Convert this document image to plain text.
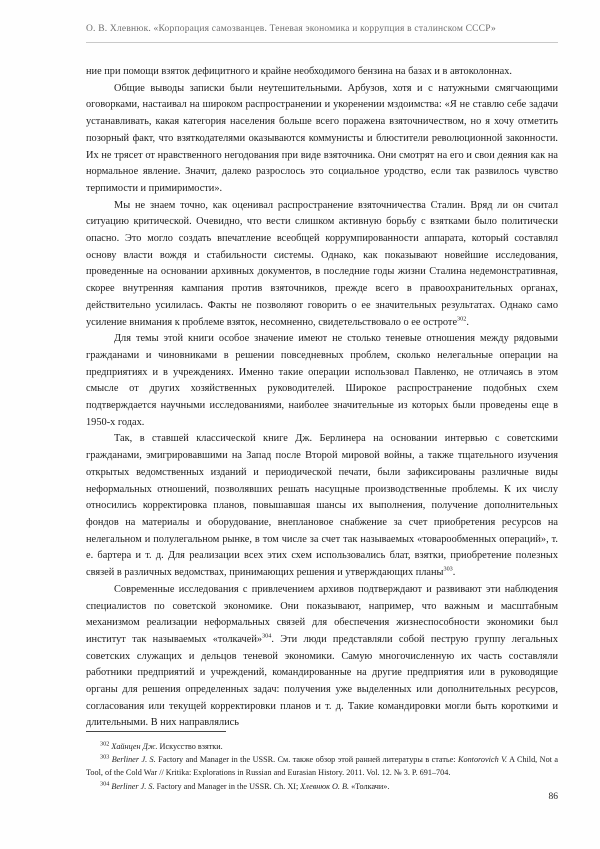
О. В. Хлевнюк. «Корпорация самозванцев. Теневая экономика и коррупция в сталинском СССР»

ние при помощи взяток дефицитного и крайне необходимого бензина на базах и в автоколоннах.

Общие выводы записки были неутешительными. Арбузов, хотя и с натужными смягчающими оговорками, настаивал на широком распространении и укоренении мздоимства: «Я не ставлю себе задачи устанавливать, какая категория населения больше всего поражена взяточничеством, но я хочу отметить позорный факт, что взяткодателями оказываются коммунисты и блюстители революционной законности. Их не трясет от нравственного негодования при виде взяточника. Они смотрят на его и свои деяния как на нормальное явление. Значит, далеко разрослось это социальное уродство, если так развилось чувство терпимости и примиримости».

Мы не знаем точно, как оценивал распространение взяточничества Сталин. Вряд ли он считал ситуацию критической. Очевидно, что вести слишком активную борьбу с взятками было политически опасно. Это могло создать впечатление всеобщей коррумпированности аппарата, который составлял основу власти вождя и стабильности системы. Однако, как показывают новейшие исследования, проведенные на основании архивных документов, в последние годы жизни Сталина недемонстративная, скорее внутренняя кампания против взяточников, прежде всего в правоохранительных органах, действительно усилилась. Факты не позволяют говорить о ее значительных результатах. Однако само усиление внимания к проблеме взяток, несомненно, свидетельствовало о ее остроте$^{302}$.

Для темы этой книги особое значение имеют не столько теневые отношения между рядовыми гражданами и чиновниками в решении повседневных проблем, сколько нелегальные операции на предприятиях и в учреждениях. Именно такие операции использовал Павленко, не отличаясь в этом смысле от других хозяйственных руководителей. Широкое распространение подобных схем подтверждается научными исследованиями, наиболее значительные из которых были проведены еще в 1950-х годах.

Так, в ставшей классической книге Дж. Берлинера на основании интервью с советскими гражданами, эмигрировавшими на Запад после Второй мировой войны, а также тщательного изучения открытых ведомственных изданий и периодической печати, были зафиксированы различные виды неформальных отношений, позволявших решать насущные производственные проблемы. К их числу относились корректировка планов, повышавшая шансы их выполнения, получение дополнительных фондов на материалы и оборудование, внеплановое снабжение за счет приобретения ресурсов на нелегальном и полулегальном рынке, в том числе за счет так называемых «товарообменных операций», т. е. бартера и т. д. Для реализации всех этих схем использовались блат, взятки, приобретение полезных связей в различных ведомствах, принимающих решения и утверждающих планы$^{303}$.

Современные исследования с привлечением архивов подтверждают и развивают эти наблюдения специалистов по советской экономике. Они показывают, например, что важным и масштабным механизмом реализации неформальных связей для обеспечения жизнеспособности экономики был институт так называемых «толкачей»$^{304}$. Эти люди представляли собой пеструю группу легальных советских служащих и дельцов теневой экономики. Самую многочисленную их часть составляли работники предприятий и учреждений, командированные на другие предприятия или в руководящие органы для решения определенных задач: получения уже выделенных или дополнительных ресурсов, согласования или текущей корректировки планов и т. д. Такие командировки могли быть короткими и длительными. В них направлялись

$^{302}$ Хайнцен Дж. Искусство взятки.

$^{303}$ Berliner J. S. Factory and Manager in the USSR. См. также обзор этой ранней литературы в статье: Kontorovich V. A Child, Not a Tool, of the Cold War // Kritika: Explorations in Russian and Eurasian History. 2011. Vol. 12. № 3. P. 691–704.

$^{304}$ Berliner J. S. Factory and Manager in the USSR. Ch. XI; Хлевнюк О. В. «Толкачи».

86
